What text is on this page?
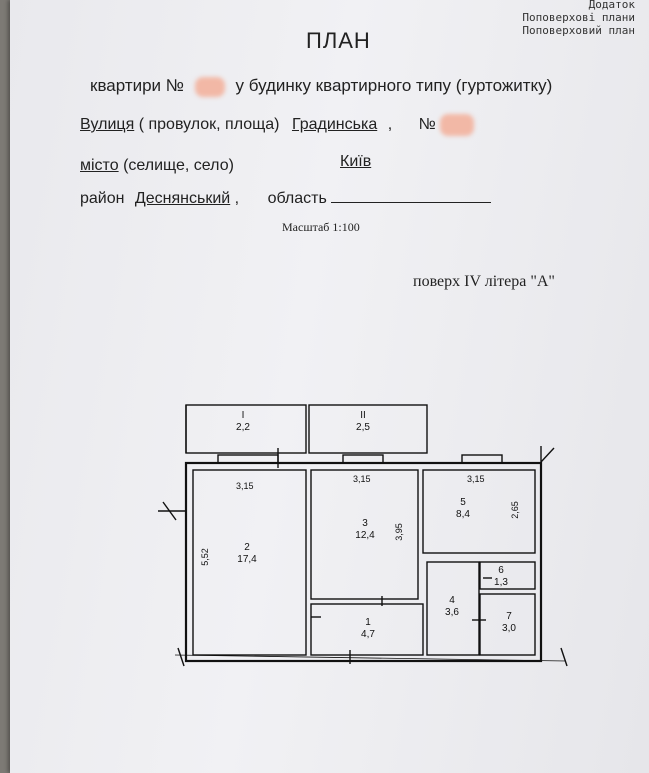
Додаток
Поповерхові плани
Поповерховий план
ПЛАН
квартири №	у будинку квартирного типу (гуртожитку)
Вулиця ( провулок, площа) Градинська , №
місто (селище, село)	Київ
район Деснянський , область
Масштаб 1:100
поверх IV літера "А"
I
2,2
II
2,5
2
17,4
3
12,4
5
8,4
6
1,3
4
3,6	7
3,0
1
4,7
3,15
3,15	3,15
5,52
3,95
2,65
